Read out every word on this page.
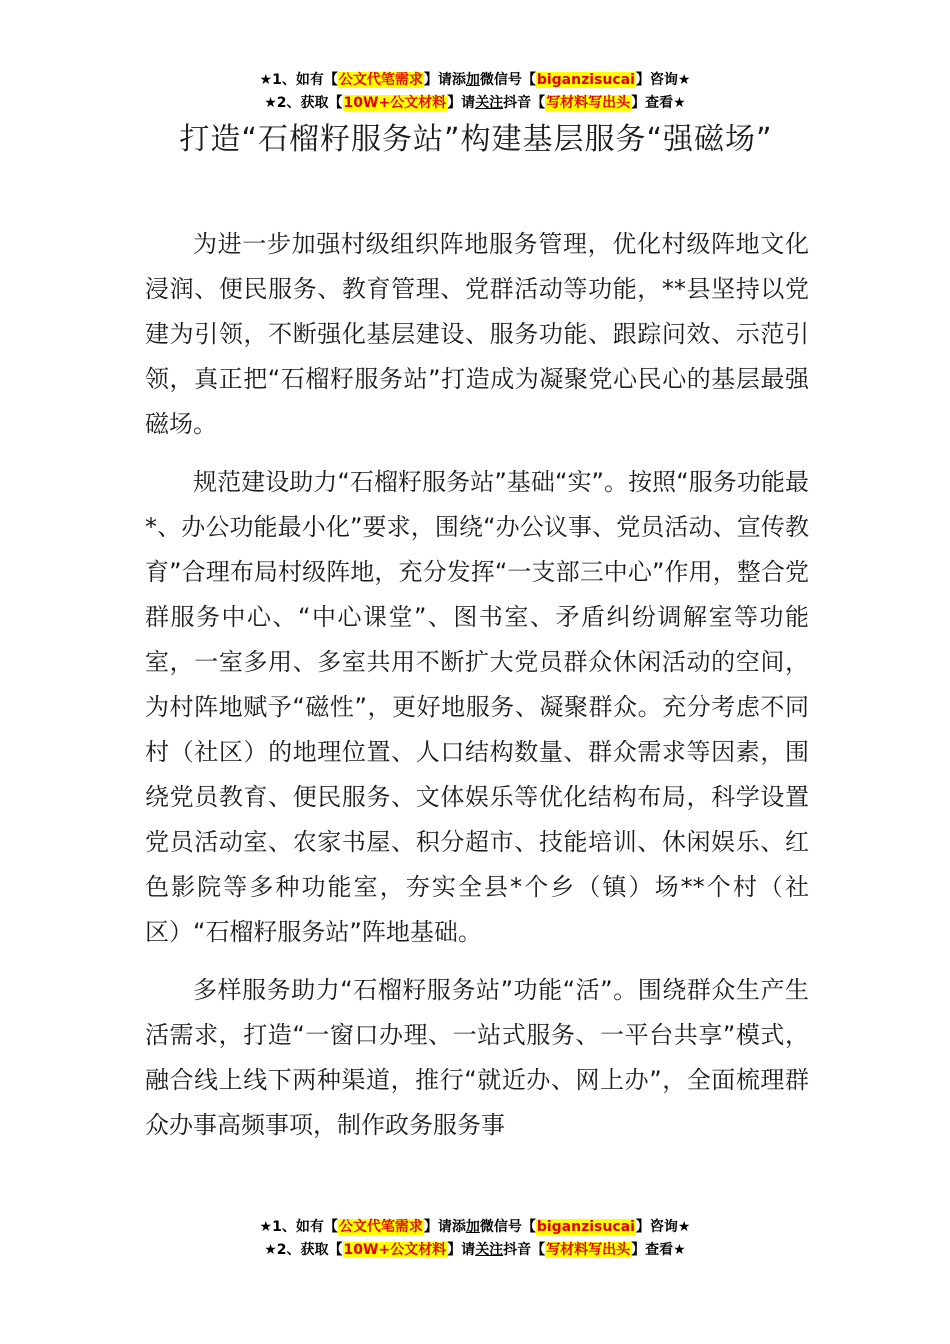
★1、如有【公文代笔需求】请添加微信号【biganzisucai】咨询★
★2、获取【10W+公文材料】请关注抖音【写材料写出头】查看★
打造“石榴籽服务站”构建基层服务“强磁场”

为进一步加强村级组织阵地服务管理，优化村级阵地文化浸润、便民服务、教育管理、党群活动等功能，**县坚持以党建为引领，不断强化基层建设、服务功能、跟踪问效、示范引领，真正把“石榴籽服务站”打造成为凝聚党心民心的基层最强磁场。

规范建设助力“石榴籽服务站”基础“实”。按照“服务功能最*、办公功能最小化”要求，围绕“办公议事、党员活动、宣传教育”合理布局村级阵地，充分发挥“一支部三中心”作用，整合党群服务中心、“中心课堂”、图书室、矛盾纠纷调解室等功能室，一室多用、多室共用不断扩大党员群众休闲活动的空间，为村阵地赋予“磁性”，更好地服务、凝聚群众。充分考虑不同村（社区）的地理位置、人口结构数量、群众需求等因素，围绕党员教育、便民服务、文体娱乐等优化结构布局，科学设置党员活动室、农家书屋、积分超市、技能培训、休闲娱乐、红色影院等多种功能室，夯实全县*个乡（镇）场**个村（社区）“石榴籽服务站”阵地基础。

多样服务助力“石榴籽服务站”功能“活”。围绕群众生产生活需求，打造“一窗口办理、一站式服务、一平台共享”模式，融合线上线下两种渠道，推行“就近办、网上办”，全面梳理群众办事高频事项，制作政务服务事

★1、如有【公文代笔需求】请添加微信号【biganzisucai】咨询★
★2、获取【10W+公文材料】请关注抖音【写材料写出头】查看★
